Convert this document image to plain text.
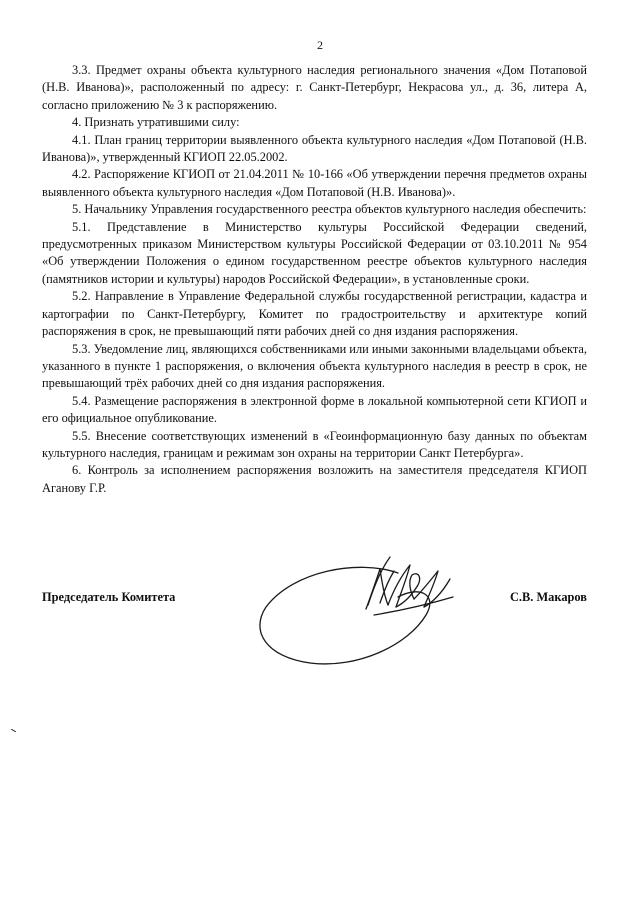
2

3.3. Предмет охраны объекта культурного наследия регионального значения «Дом Потаповой (Н.В. Иванова)», расположенный по адресу: г. Санкт-Петербург, Некрасова ул., д. 36, литера А, согласно приложению № 3 к распоряжению.

4. Признать утратившими силу:

4.1. План границ территории выявленного объекта культурного наследия «Дом Потаповой (Н.В. Иванова)», утвержденный КГИОП 22.05.2002.

4.2. Распоряжение КГИОП от 21.04.2011 № 10-166 «Об утверждении перечня предметов охраны выявленного объекта культурного наследия «Дом Потаповой (Н.В. Иванова)».

5. Начальнику Управления государственного реестра объектов культурного наследия обеспечить:

5.1. Представление в Министерство культуры Российской Федерации сведений, предусмотренных приказом Министерством культуры Российской Федерации от 03.10.2011 № 954 «Об утверждении Положения о едином государственном реестре объектов культурного наследия (памятников истории и культуры) народов Российской Федерации», в установленные сроки.

5.2. Направление в Управление Федеральной службы государственной регистрации, кадастра и картографии по Санкт-Петербургу, Комитет по градостроительству и архитектуре копий распоряжения в срок, не превышающий пяти рабочих дней со дня издания распоряжения.

5.3. Уведомление лиц, являющихся собственниками или иными законными владельцами объекта, указанного в пункте 1 распоряжения, о включения объекта культурного наследия в реестр в срок, не превышающий трёх рабочих дней со дня издания распоряжения.

5.4. Размещение распоряжения в электронной форме в локальной компьютерной сети КГИОП и его официальное опубликование.

5.5. Внесение соответствующих изменений в «Геоинформационную базу данных по объектам культурного наследия, границам и режимам зон охраны на территории Санкт Петербурга».

6. Контроль за исполнением распоряжения возложить на заместителя председателя КГИОП Аганову Г.Р.

Председатель Комитета	С.В. Макаров
